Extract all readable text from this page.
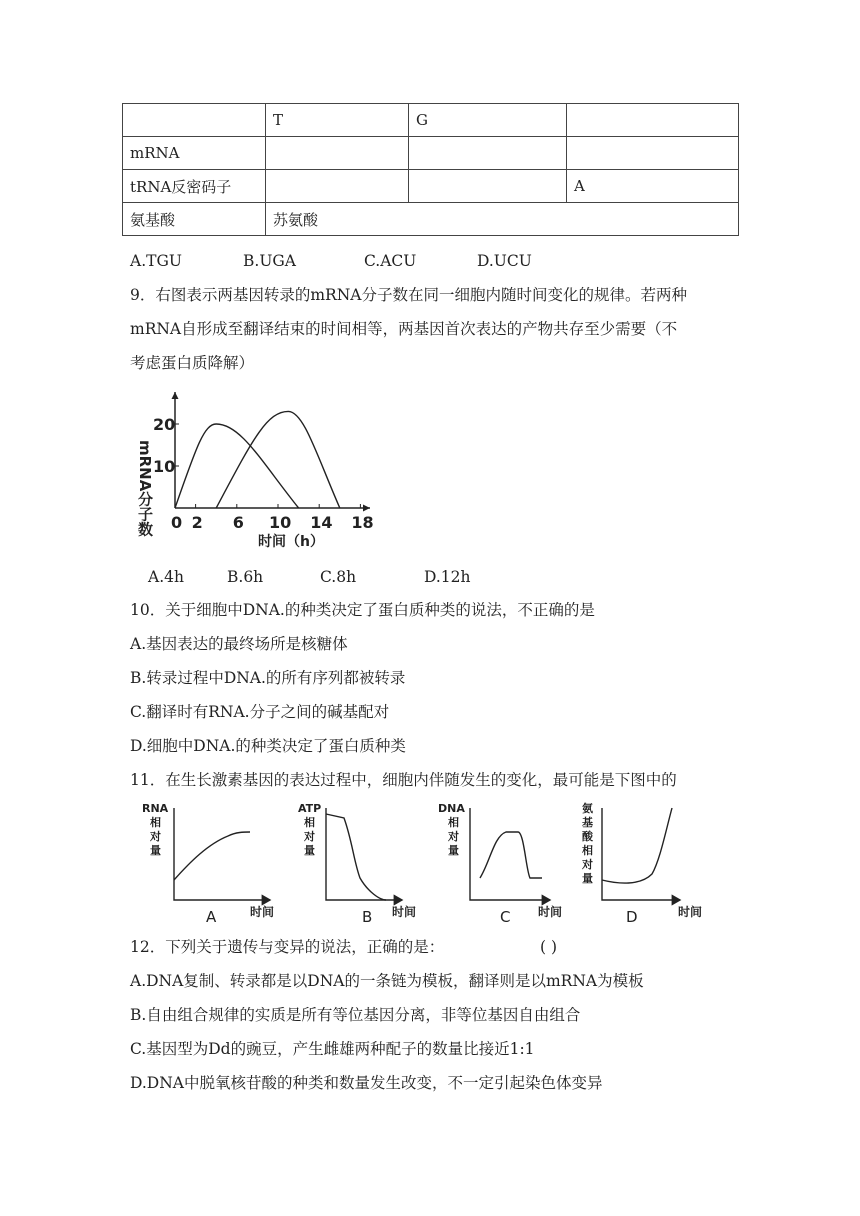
	T	G	
mRNA			
tRNA反密码子			A
氨基酸	苏氨酸		
A.TGU	B.UGA	C.ACU	D.UCU
9．右图表示两基因转录的mRNA分子数在同一细胞内随时间变化的规律。若两种
mRNA自形成至翻译结束的时间相等，两基因首次表达的产物共存至少需要（不
考虑蛋白质降解）
0 2 6 10 14 18
10
20
mRNA分子数
时间（h）
A.4h	B.6h	C.8h	D.12h
10．关于细胞中DNA.的种类决定了蛋白质种类的说法，不正确的是
A.基因表达的最终场所是核糖体
B.转录过程中DNA.的所有序列都被转录
C.翻译时有RNA.分子之间的碱基配对
D.细胞中DNA.的种类决定了蛋白质种类
11．在生长激素基因的表达过程中，细胞内伴随发生的变化，最可能是下图中的
RNA
相
对
量
A	时间
ATP
相
对
量
B 时间
DNA
相
对
量
C 时间
氨
基
酸
相
对
量
D	时间
12．下列关于遗传与变异的说法，正确的是：	( )
A.DNA复制、转录都是以DNA的一条链为模板，翻译则是以mRNA为模板
B.自由组合规律的实质是所有等位基因分离，非等位基因自由组合
C.基因型为Dd的豌豆，产生雌雄两种配子的数量比接近1:1
D.DNA中脱氧核苷酸的种类和数量发生改变，不一定引起染色体变异
